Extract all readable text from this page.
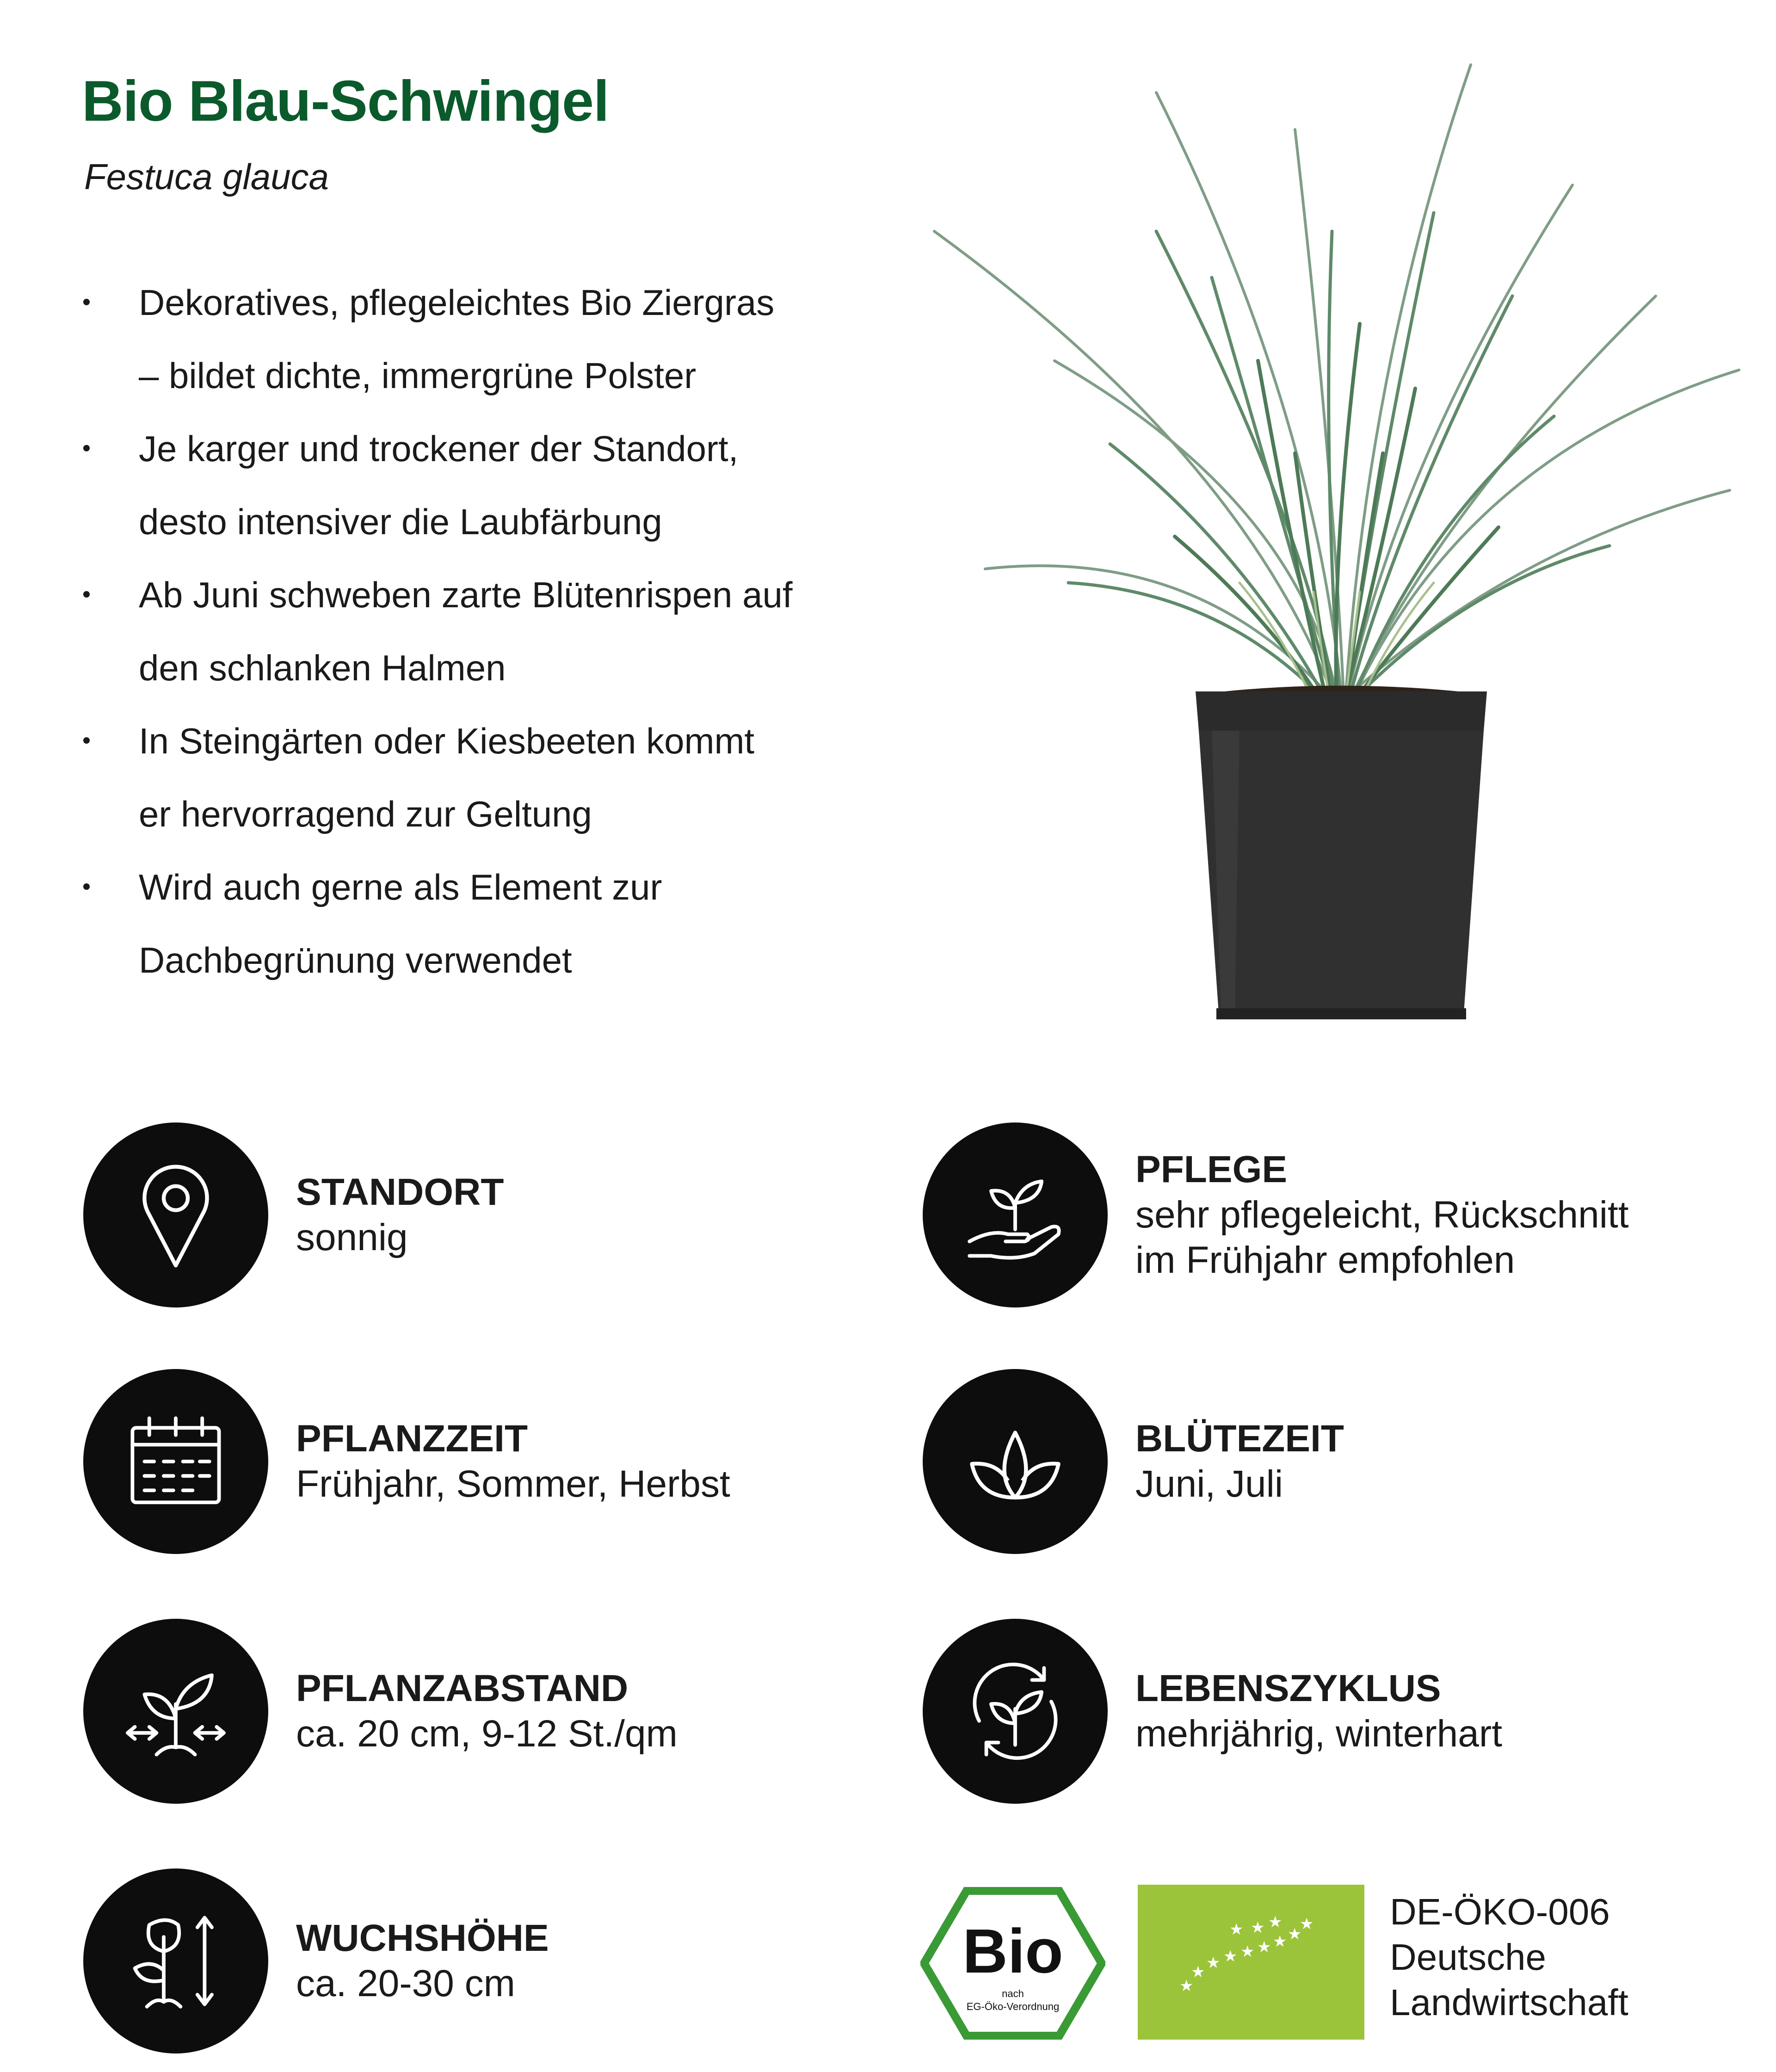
Bio Blau-Schwingel
Festuca glauca
Dekoratives, pflegeleichtes Bio Ziergras
– bildet dichte, immergrüne Polster
Je karger und trockener der Standort,
desto intensiver die Laubfärbung
Ab Juni schweben zarte Blütenrispen auf
den schlanken Halmen
In Steingärten oder Kiesbeeten kommt
er hervorragend zur Geltung
Wird auch gerne als Element zur
Dachbegrünung verwendet
STANDORT
sonnig
PFLEGE
sehr pflegeleicht, Rückschnitt
im Frühjahr empfohlen
PFLANZZEIT
Frühjahr, Sommer, Herbst
BLÜTEZEIT
Juni, Juli
PFLANZABSTAND
ca. 20 cm, 9-12 St./qm
LEBENSZYKLUS
mehrjährig, winterhart
WUCHSHÖHE
ca. 20-30 cm	Bio
nach
EG-Öko-Verordnung
★
★ ★ ★ ★ ★ ★ ★
★
★ ★ ★	DE-ÖKO-006
Deutsche
Landwirtschaft
